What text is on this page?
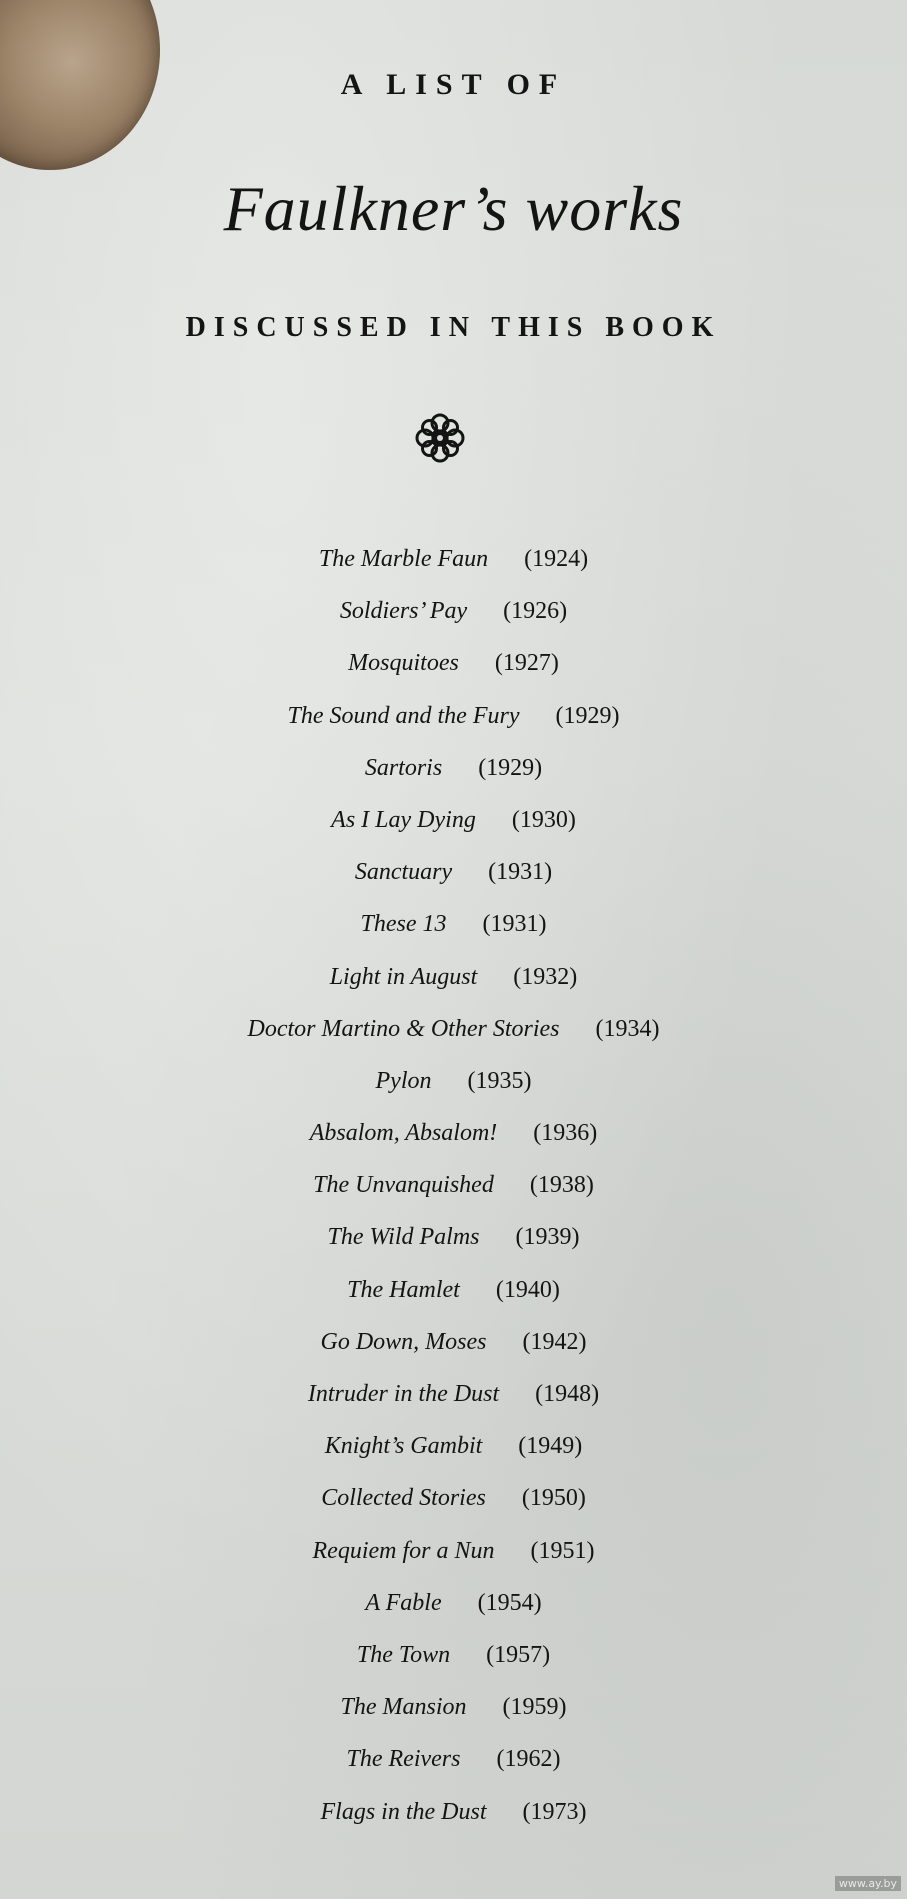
A LIST OF
Faulkner’s works
DISCUSSED IN THIS BOOK
The Marble Faun (1924)
Soldiers’ Pay (1926)
Mosquitoes (1927)
The Sound and the Fury (1929)
Sartoris (1929)
As I Lay Dying (1930)
Sanctuary (1931)
These 13 (1931)
Light in August (1932)
Doctor Martino & Other Stories (1934)
Pylon (1935)
Absalom, Absalom! (1936)
The Unvanquished (1938)
The Wild Palms (1939)
The Hamlet (1940)
Go Down, Moses (1942)
Intruder in the Dust (1948)
Knight’s Gambit (1949)
Collected Stories (1950)
Requiem for a Nun (1951)
A Fable (1954)
The Town (1957)
The Mansion (1959)
The Reivers (1962)
Flags in the Dust (1973)
www.ay.by
